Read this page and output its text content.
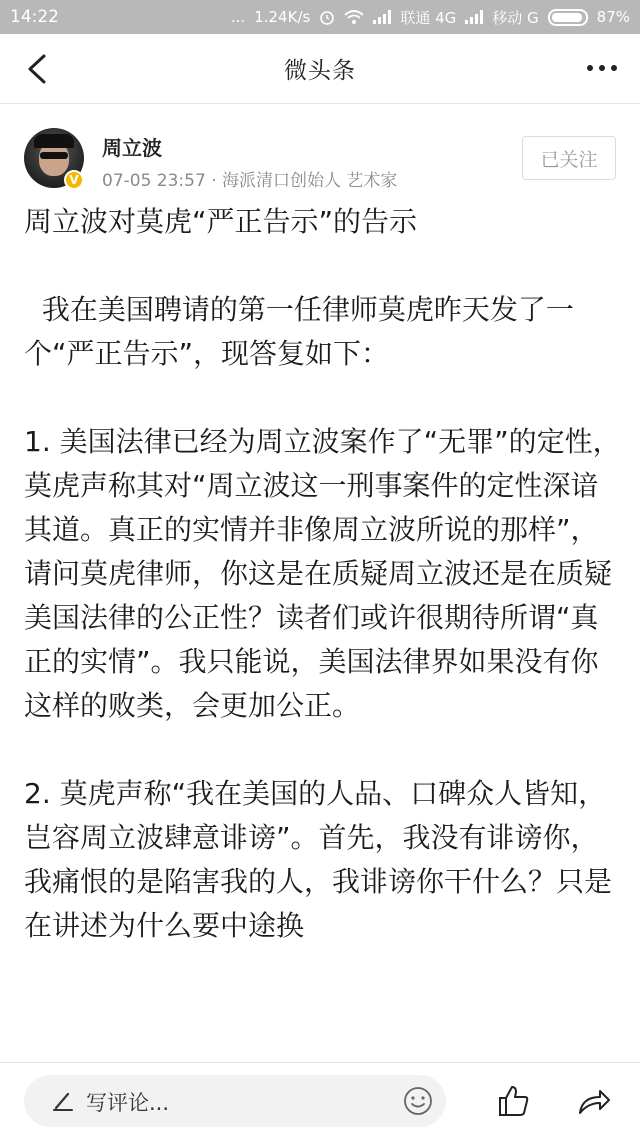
14:22	... 1.24K/s	联通 4G 移动 G	87%
微头条
V
周立波
07-05 23:57 · 海派清口创始人 艺术家
已关注

周立波对莫虎“严正告示”的告示

我在美国聘请的第一任律师莫虎昨天发了一个“严正告示”，现答复如下：

1. 美国法律已经为周立波案作了“无罪”的定性，莫虎声称其对“周立波这一刑事案件的定性深谙其道。真正的实情并非像周立波所说的那样”，请问莫虎律师，你这是在质疑周立波还是在质疑美国法律的公正性？读者们或许很期待所谓“真正的实情”。我只能说，美国法律界如果没有你这样的败类，会更加公正。

2. 莫虎声称“我在美国的人品、口碑众人皆知，岂容周立波肆意诽谤”。首先，我没有诽谤你，我痛恨的是陷害我的人，我诽谤你干什么？只是在讲述为什么要中途换

写评论...
